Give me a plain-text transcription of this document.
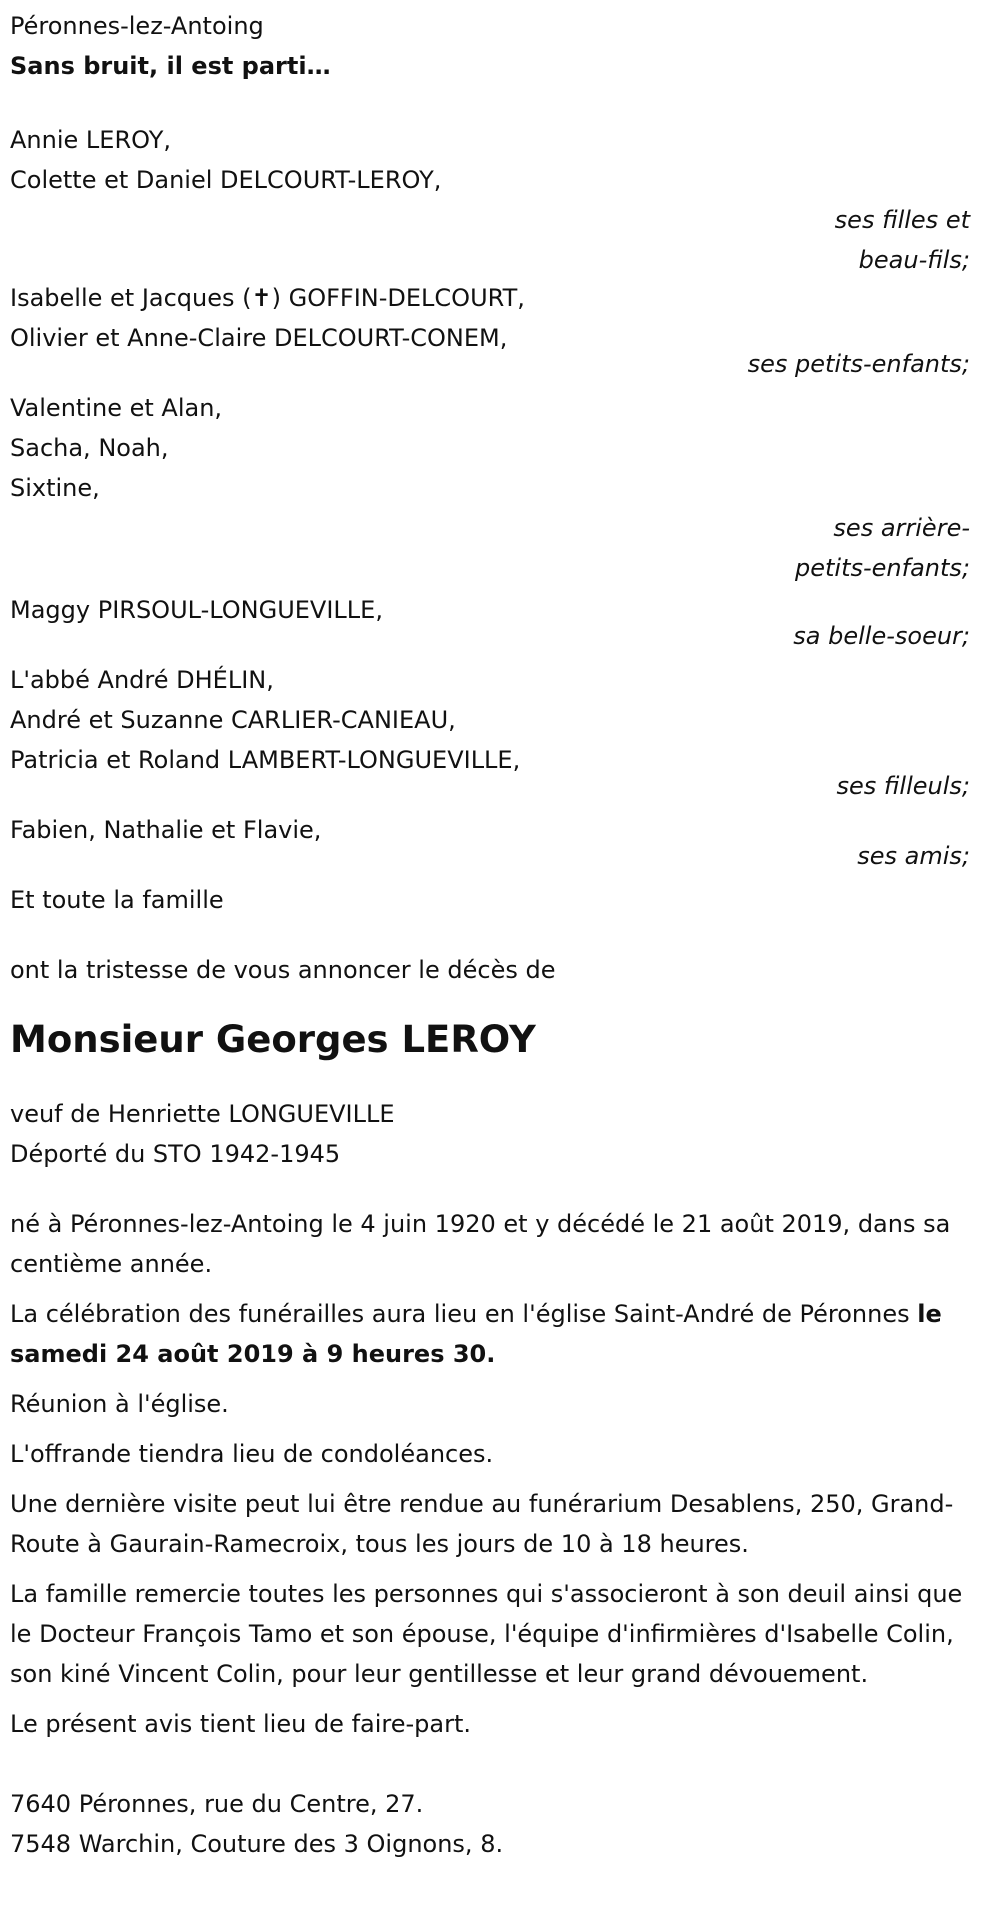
Péronnes-lez-Antoing

Sans bruit, il est parti…

Annie LEROY,

Colette et Daniel DELCOURT-LEROY,

ses filles et beau-fils;

Isabelle et Jacques (✝) GOFFIN-DELCOURT,

Olivier et Anne-Claire DELCOURT-CONEM,

ses petits-enfants;

Valentine et Alan,

Sacha, Noah,

Sixtine,

ses arrière-petits-enfants;

Maggy PIRSOUL-LONGUEVILLE,

sa belle-soeur;

L'abbé André DHÉLIN,

André et Suzanne CARLIER-CANIEAU,

Patricia et Roland LAMBERT-LONGUEVILLE,

ses filleuls;

Fabien, Nathalie et Flavie,

ses amis;

Et toute la famille

ont la tristesse de vous annoncer le décès de

Monsieur Georges LEROY

veuf de Henriette LONGUEVILLE

Déporté du STO 1942-1945

né à Péronnes-lez-Antoing le 4 juin 1920 et y décédé le 21 août 2019, dans sa centième année.

La célébration des funérailles aura lieu en l'église Saint-André de Péronnes le samedi 24 août 2019 à 9 heures 30.

Réunion à l'église.

L'offrande tiendra lieu de condoléances.

Une dernière visite peut lui être rendue au funérarium Desablens, 250, Grand-Route à Gaurain-Ramecroix, tous les jours de 10 à 18 heures.

La famille remercie toutes les personnes qui s'associeront à son deuil ainsi que le Docteur François Tamo et son épouse, l'équipe d'infirmières d'Isabelle Colin, son kiné Vincent Colin, pour leur gentillesse et leur grand dévouement.

Le présent avis tient lieu de faire-part.

7640 Péronnes, rue du Centre, 27.

7548 Warchin, Couture des 3 Oignons, 8.
